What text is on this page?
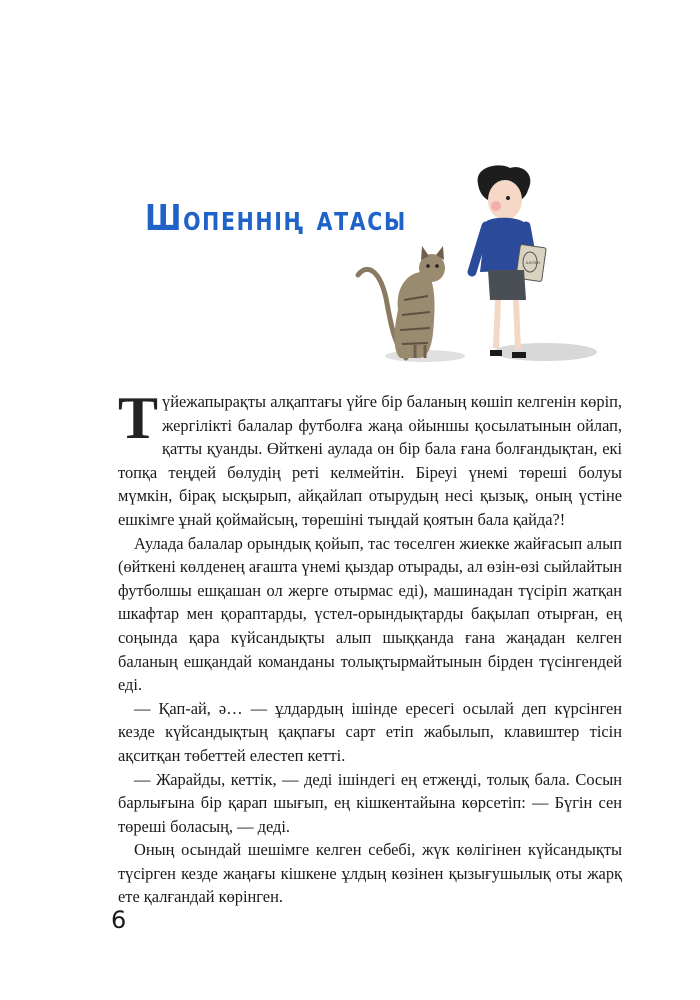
Шопеннің атасы
ШОПЕН

Түйежапырақты алқаптағы үйге бір баланың көшіп келгенін көріп, жергілікті балалар футболға жаңа ойыншы қосылатынын ойлап, қатты қуанды. Өйткені аулада он бір бала ғана болғандықтан, екі топқа теңдей бөлудің реті келмейтін. Біреуі үнемі төреші болуы мүмкін, бірақ ысқырып, айқайлап отырудың несі қызық, оның үстіне ешкімге ұнай қоймайсың, төрешіні тыңдай қоятын бала қайда?!

Аулада балалар орындық қойып, тас төселген жиекке жайғасып алып (өйткені көлденең ағашта үнемі қыздар отырады, ал өзін-өзі сыйлайтын футболшы ешқашан ол жерге отырмас еді), машинадан түсіріп жатқан шкафтар мен қораптарды, үстел-орындықтарды бақылап отырған, ең соңында қара күйсандықты алып шыққанда ғана жаңадан келген баланың ешқандай команданы толықтырмайтынын бірден түсінгендей еді.

— Қап-ай, ә… — ұлдардың ішінде ересегі осылай деп күрсінген кезде күйсандықтың қақпағы сарт етіп жабылып, клавиштер тісін ақситқан төбеттей елестеп кетті.

— Жарайды, кеттік, — деді ішіндегі ең етжеңді, толық бала. Сосын барлығына бір қарап шығып, ең кішкентайына көрсетіп: — Бүгін сен төреші боласың, — деді.

Оның осындай шешімге келген себебі, жүк көлігінен күйсандықты түсірген кезде жаңағы кішкене ұлдың көзінен қызығушылық оты жарқ ете қалғандай көрінген.

6
